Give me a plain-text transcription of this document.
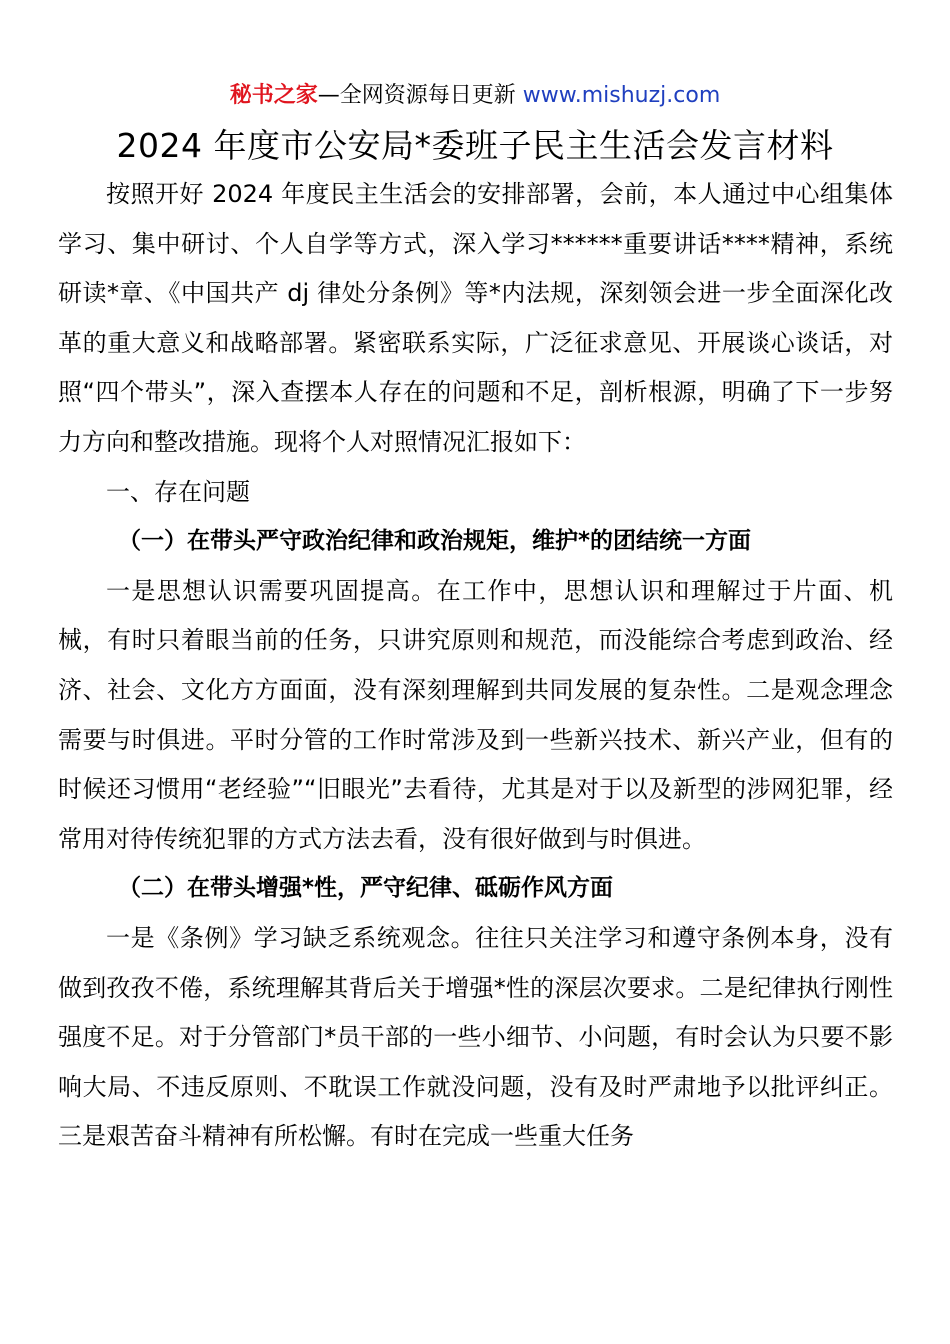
秘书之家—全网资源每日更新 www.mishuzj.com
2024 年度市公安局*委班子民主生活会发言材料

按照开好 2024 年度民主生活会的安排部署，会前，本人通过中心组集体学习、集中研讨、个人自学等方式，深入学习******重要讲话****精神，系统研读*章、《中国共产 dj 律处分条例》等*内法规，深刻领会进一步全面深化改革的重大意义和战略部署。紧密联系实际，广泛征求意见、开展谈心谈话，对照“四个带头”，深入查摆本人存在的问题和不足，剖析根源，明确了下一步努力方向和整改措施。现将个人对照情况汇报如下：

一、存在问题

（一）在带头严守政治纪律和政治规矩，维护*的团结统一方面

一是思想认识需要巩固提高。在工作中，思想认识和理解过于片面、机械，有时只着眼当前的任务，只讲究原则和规范，而没能综合考虑到政治、经济、社会、文化方方面面，没有深刻理解到共同发展的复杂性。二是观念理念需要与时俱进。平时分管的工作时常涉及到一些新兴技术、新兴产业，但有的时候还习惯用“老经验”“旧眼光”去看待，尤其是对于以及新型的涉网犯罪，经常用对待传统犯罪的方式方法去看，没有很好做到与时俱进。

（二）在带头增强*性，严守纪律、砥砺作风方面

一是《条例》学习缺乏系统观念。往往只关注学习和遵守条例本身，没有做到孜孜不倦，系统理解其背后关于增强*性的深层次要求。二是纪律执行刚性强度不足。对于分管部门*员干部的一些小细节、小问题，有时会认为只要不影响大局、不违反原则、不耽误工作就没问题，没有及时严肃地予以批评纠正。三是艰苦奋斗精神有所松懈。有时在完成一些重大任务
